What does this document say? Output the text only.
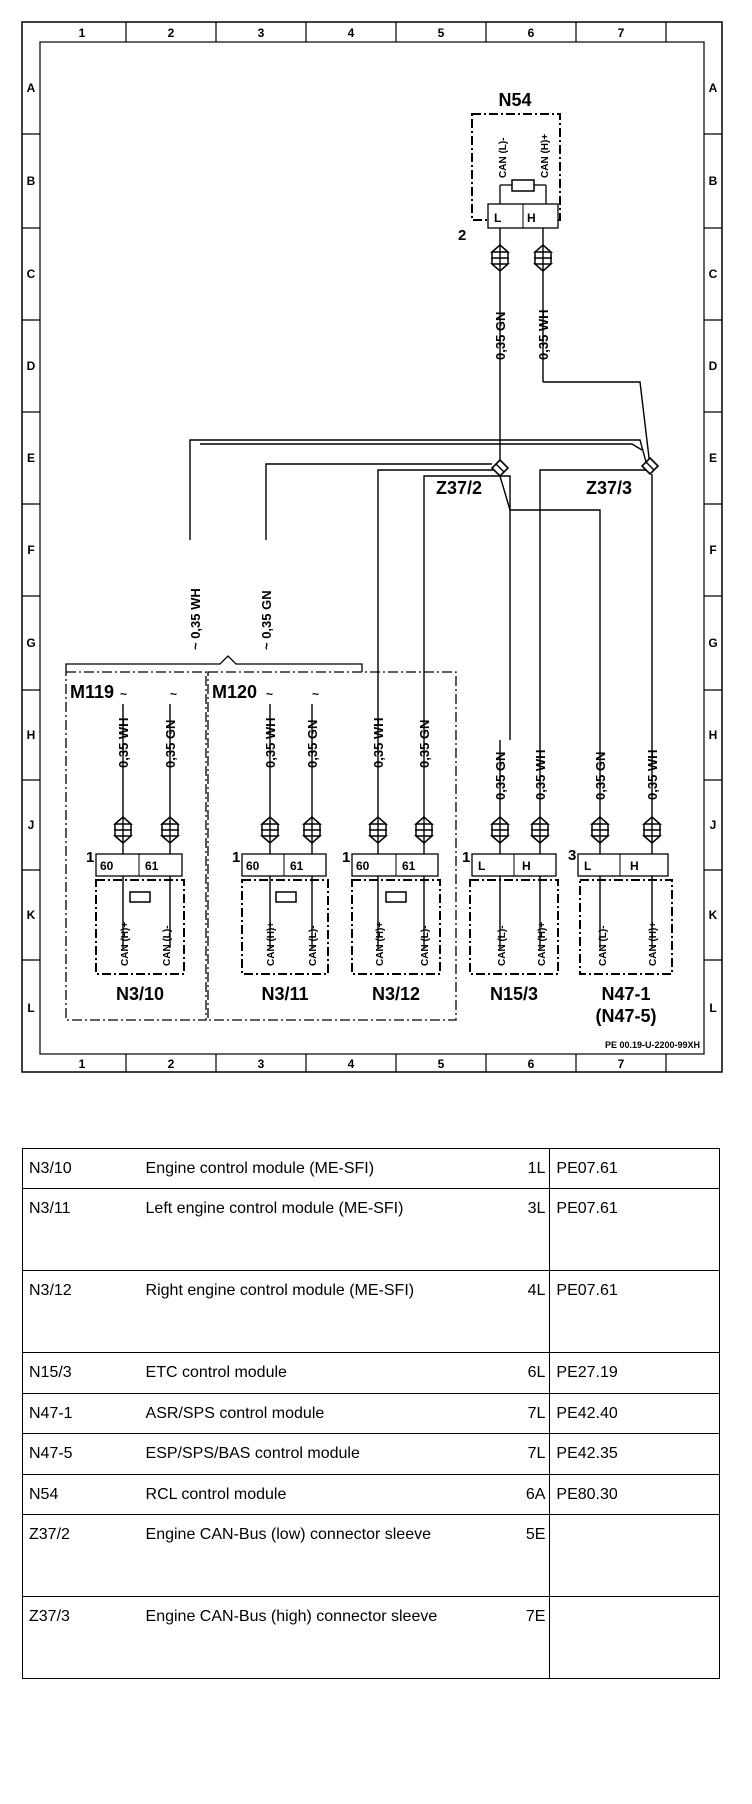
1	2	3	4	5	6	7
1	2	3	4	5	6	7
A
B
C
D
E
F
G
H
J
K
L
A
B
C
D
E
F
G
H
J
K
L
N54
CAN (L)-	CAN (H)+
L H
2
0,35 GN 0,35 WH
Z37/2	Z37/3
~ 0,35 WH	~ 0,35 GN
M119 ~	~
0,35 WH 0,35 GN
1 60	61
CAN (H)+	CAN (L)-
N3/10
M120 ~	~
0,35 WH 0,35 GN
1 60	61
CAN (H)+	CAN (L)-
N3/11
0,35 WH 0,35 GN
1 60	61
CAN (H)+	CAN (L)-
N3/12
0,35 GN 0,35 WH
1 L	H
CAN (L)-	CAN (H)+
N15/3
0,35 GN	0,35 WH
3
L	H
CAN (L)-	CAN (H)+
N47-1
(N47-5)
PE 00.19-U-2200-99XH
N3/10	Engine control module (ME-SFI)	1L	PE07.61
N3/11	Left engine control module (ME-SFI)	3L	PE07.61
N3/12	Right engine control module (ME-SFI)	4L	PE07.61
N15/3	ETC control module	6L	PE27.19
N47-1	ASR/SPS control module	7L	PE42.40
N47-5	ESP/SPS/BAS control module	7L	PE42.35
N54	RCL control module	6A	PE80.30
Z37/2	Engine CAN-Bus (low) connector sleeve	5E	
Z37/3	Engine CAN-Bus (high) connector sleeve	7E	
